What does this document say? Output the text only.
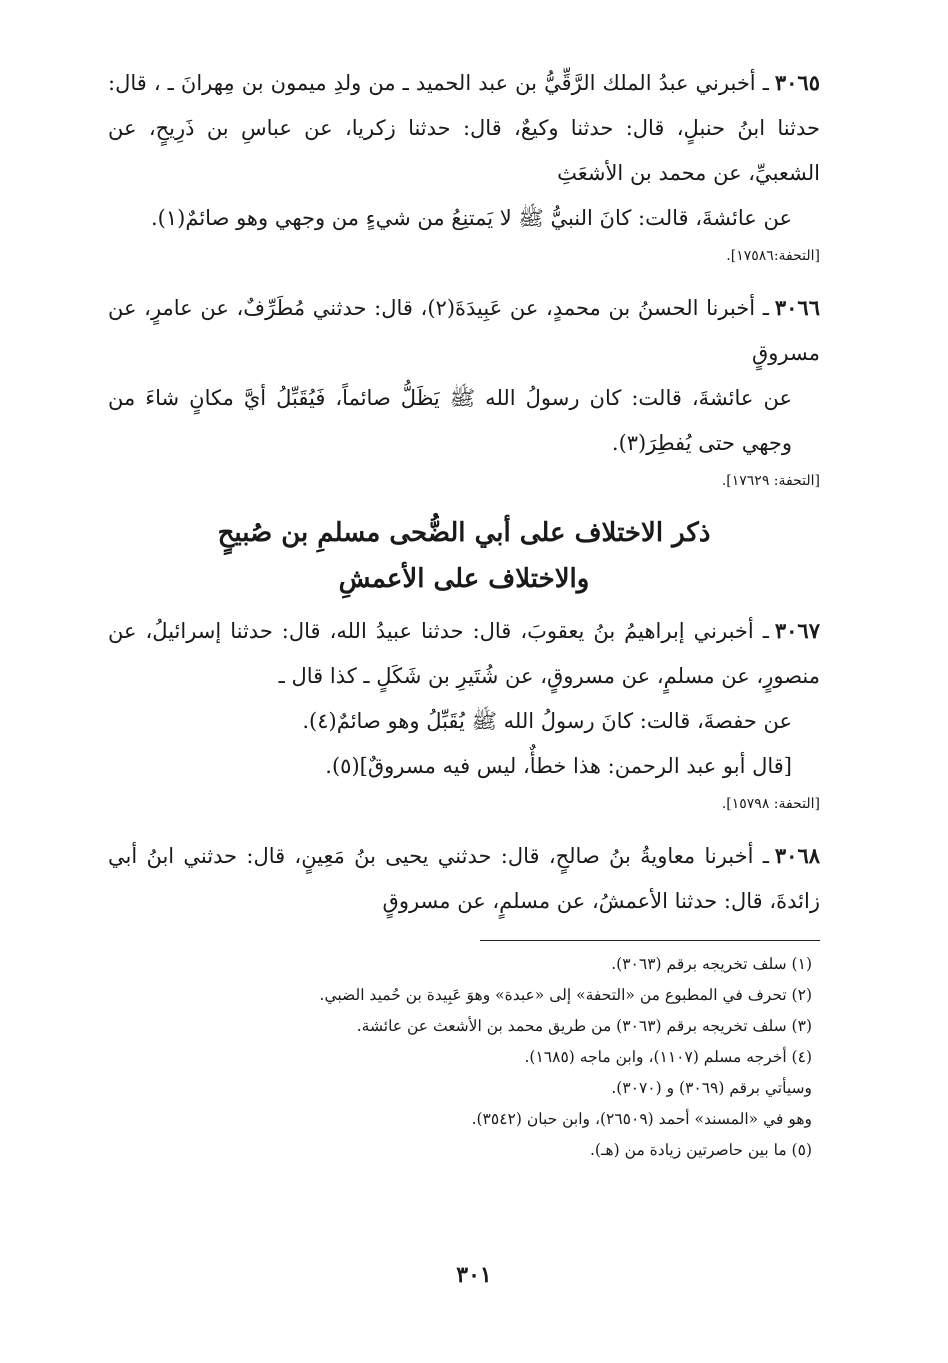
٣٠٦٥ـ أخبرني عبدُ الملك الرَّقِّيُّ بن عبد الحميد ـ من ولدِ ميمون بن مِهرانَ ـ ، قال: حدثنا ابنُ حنبلٍ، قال: حدثنا وكيعٌ، قال: حدثنا زكريا، عن عباسِ بن ذَرِيحٍ، عن الشعبيِّ، عن محمد بن الأشعَثِ

عن عائشةَ، قالت: كانَ النبيُّ ﷺ لا يَمتنِعُ من شيءٍ من وجهي وهو صائمٌ(١).

[التحفة:١٧٥٨٦].

٣٠٦٦ـ أخبرنا الحسنُ بن محمدٍ، عن عَبِيدَةَ(٢)، قال: حدثني مُطَرِّفٌ، عن عامرٍ، عن مسروقٍ

عن عائشةَ، قالت: كان رسولُ الله ﷺ يَظَلُّ صائماً، فَيُقَبِّلُ أيَّ مكانٍ شاءَ من وجهي حتى يُفطِرَ(٣).

[التحفة: ١٧٦٢٩].
ذكر الاختلاف على أبي الضُّحى مسلمِ بن صُبيحٍ
والاختلاف على الأعمشِ

٣٠٦٧ـ أخبرني إبراهيمُ بنُ يعقوبَ، قال: حدثنا عبيدُ الله، قال: حدثنا إسرائيلُ، عن منصورٍ، عن مسلمٍ، عن مسروقٍ، عن شُتَيرِ بن شَكَلٍ ـ كذا قال ـ

عن حفصةَ، قالت: كانَ رسولُ الله ﷺ يُقَبِّلُ وهو صائمٌ(٤).

[قال أبو عبد الرحمن: هذا خطأٌ، ليس فيه مسروقٌ](٥).

[التحفة: ١٥٧٩٨].

٣٠٦٨ـ أخبرنا معاويةُ بنُ صالحٍ، قال: حدثني يحيى بنُ مَعِينٍ، قال: حدثني ابنُ أبي زائدةَ، قال: حدثنا الأعمشُ، عن مسلمٍ، عن مسروقٍ

(١) سلف تخريجه برقم (٣٠٦٣).

(٢) تحرف في المطبوع من «التحفة» إلى «عبدة» وهوَ عَبِيدة بن حُميد الضبي.

(٣) سلف تخريجه برقم (٣٠٦٣) من طريق محمد بن الأشعث عن عائشة.

(٤) أخرجه مسلم (١١٠٧)، وابن ماجه (١٦٨٥).

وسيأتي برقم (٣٠٦٩) و (٣٠٧٠).

وهو في «المسند» أحمد (٢٦٥٠٩)، وابن حبان (٣٥٤٢).

(٥) ما بين حاصرتين زيادة من (هـ).

٣٠١
